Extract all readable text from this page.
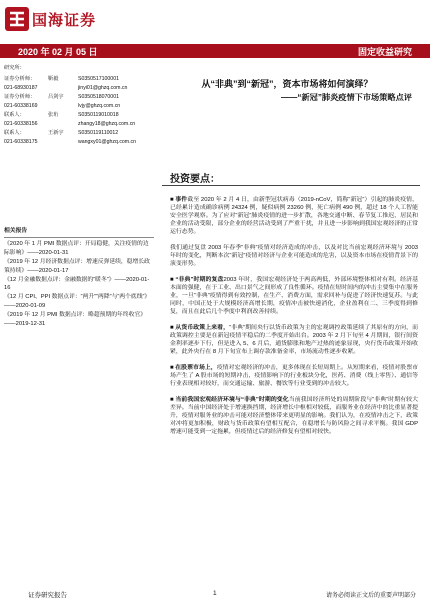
国海证券
2020 年 02 月 05 日	固定收益研究
研究所：
证券分析师：	靳毅	S0350517100001
021-68930187	jinyi01@ghzq.com.cn
证券分析师：	吕剑宇	S0350518070001
021-60338169	lvjy@ghzq.com.cn
联系人：	张珩	S0350119010018
021-60338156	zhangy18@ghzq.com.cn
联系人：	王新宇	S0350119110012
021-60338175	wangxy01@ghzq.com.cn
相关报告

《2020 年 1 月 PMI 数据点评：开局稳健，关注疫情的边际影响》——2020-01-31

《2019 年 12 月经济数据点评：增速反弹延续，稳增长政策持续》——2020-01-17

《12 月金融数据点评：金融数据的“暖冬”》——2020-01-16

《12 月 CPI、PPI 数据点评：“两升”“两降”与“两个底线”》——2020-01-09

《2019 年 12 月 PMI 数据点评：略超预期的年终收官》——2019-12-31

从“非典”到“新冠”，资本市场将如何演绎？
——“新冠”肺炎疫情下市场策略点评
投资要点：

■ 事件截至 2020 年 2 月 4 日，由新型冠状病毒（2019-nCoV，简称“新冠”）引起的肺炎疫情，已经累计造成确诊病例 24324 例，疑似病例 23260 例，死亡病例 490 例，超过 18 个人工智能安全医学观察。为了应对“新冠”肺炎疫情的进一步扩散，各地交通中断、春节复工推迟，居民和企业的活动受限，部分企业的经营活动受到了严重干扰，并且进一步影响到我国宏观经济的正常运行态势。

我们通过复盘 2003 年春季“非典”疫情对经济造成的冲击，以及对比当前宏观经济环境与 2003 年时的变化，判断本次“新冠”疫情对经济与企业可能造成的危害，以及资本市场在疫情背景下的演变形势。

■ “非典”时期的复盘2003 年时，我国宏观经济处于两高两低，外部环境整体相对有利。经济基本面的强健，在于工业、出口景气之间形成了良性循环。疫情在短时间内的冲击主要集中在服务业，一旦“非典”疫情得到有效控制，在生产、消费方面，需求回补与促进了经济快速复苏。与此同时，中国正处于大规模经济高增长期，疫情冲击被快速消化，企业盈利在二、三季度得到修复，而且在此后几个季度中利润改善持续。

■ 从货币政策上来看，“非典”期间央行以货币政策为主的宏观调控政策延续了其原有的方向，而政策调控主要是在新冠疫情平稳后的二季度开始出台。2003 年 2 月下旬至 4 月期间，银行间资金利率逐步下行，但是进入 5、6 月后，通货膨胀和地产过热的迹象显现，央行货币政策开始收紧，此外央行在 8 月下旬宣布上调存款准备金率，市场流动性逐步收紧。

■ 在股票市场上，疫情对宏观经济的冲击，更多体现在长短周期上。从短期来看，疫情对股票市场产生了 A 股市场的短期冲击，疫情影响下的行业板块分化，医药、消费（线上零售）、通信等行业表现相对较好，而交通运输、旅游、餐饮等行业受到的冲击较大。

■ 当前我国宏观经济环境与“非典”时期的变化当前我国经济所处的周期阶段与“非典”时期有较大差异。当前中国经济处于增速换挡期，经济增长中枢相对较低，而服务业在经济中的比重显著提升，疫情对服务业的冲击可能对经济整体带来更明显的影响。我们认为，在疫情冲击之下，政策对冲将更加积极，财政与货币政策有望相互配合，在稳增长与防风险之间寻求平衡。我国 GDP 增速可能受到一定拖累，但疫情过后的经济修复有望相对较快。

证券研究报告	1	请务必阅读正文后的重要声明部分
